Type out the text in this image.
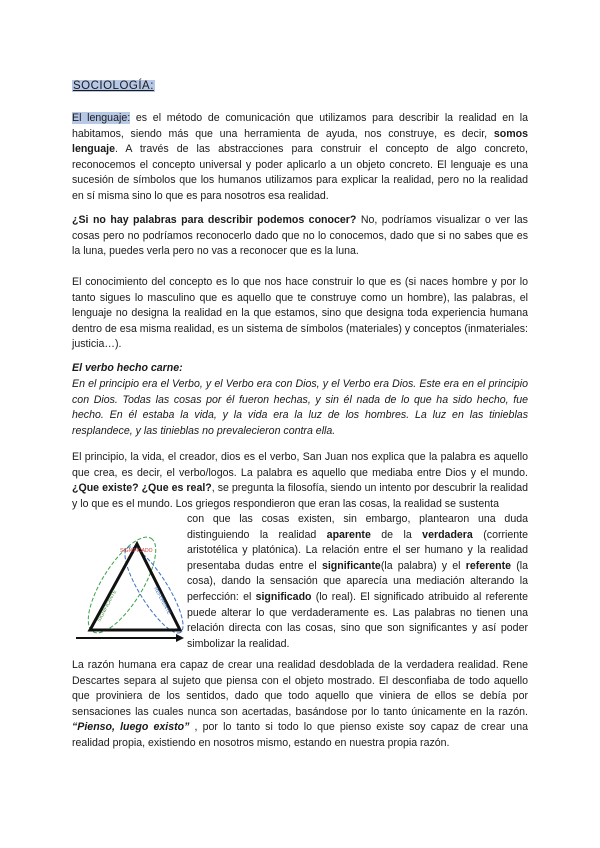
SOCIOLOGÍA:

El lenguaje: es el método de comunicación que utilizamos para describir la realidad en la habitamos, siendo más que una herramienta de ayuda, nos construye, es decir, somos lenguaje. A través de las abstracciones para construir el concepto de algo concreto, reconocemos el concepto universal y poder aplicarlo a un objeto concreto. El lenguaje es una sucesión de símbolos que los humanos utilizamos para explicar la realidad, pero no la realidad en sí misma sino lo que es para nosotros esa realidad.

¿Si no hay palabras para describir podemos conocer? No, podríamos visualizar o ver las cosas pero no podríamos reconocerlo dado que no lo conocemos, dado que si no sabes que es la luna, puedes verla pero no vas a reconocer que es la luna.

El conocimiento del concepto es lo que nos hace construir lo que es (si naces hombre y por lo tanto sigues lo masculino que es aquello que te construye como un hombre), las palabras, el lenguaje no designa la realidad en la que estamos, sino que designa toda experiencia humana dentro de esa misma realidad, es un sistema de símbolos (materiales) y conceptos (inmateriales: justicia…).

El verbo hecho carne:

En el principio era el Verbo, y el Verbo era con Dios, y el Verbo era Dios. Este era en el principio con Dios. Todas las cosas por él fueron hechas, y sin él nada de lo que ha sido hecho, fue hecho. En él estaba la vida, y la vida era la luz de los hombres. La luz en las tinieblas resplandece, y las tinieblas no prevalecieron contra ella.

El principio, la vida, el creador, dios es el verbo, San Juan nos explica que la palabra es aquello que crea, es decir, el verbo/logos. La palabra es aquello que mediaba entre Dios y el mundo. ¿Que existe? ¿Que es real?, se pregunta la filosofía, siendo un intento por descubrir la realidad y lo que es el mundo. Los griegos respondieron que eran las cosas, la realidad se sustenta

SIGNIFICADO
SIGNIFICANTE	REFERENTE

con que las cosas existen, sin embargo, plantearon una duda distinguiendo la realidad aparente de la verdadera (corriente aristotélica y platónica). La relación entre el ser humano y la realidad presentaba dudas entre el significante(la palabra) y el referente (la cosa), dando la sensación que aparecía una mediación alterando la perfección: el significado (lo real). El significado atribuido al referente puede alterar lo que verdaderamente es. Las palabras no tienen una relación directa con las cosas, sino que son significantes y así poder simbolizar la realidad.

La razón humana era capaz de crear una realidad desdoblada de la verdadera realidad. Rene Descartes separa al sujeto que piensa con el objeto mostrado. El desconfiaba de todo aquello que proviniera de los sentidos, dado que todo aquello que viniera de ellos se debía por sensaciones las cuales nunca son acertadas, basándose por lo tanto únicamente en la razón. “Pienso, luego existo” , por lo tanto si todo lo que pienso existe soy capaz de crear una realidad propia, existiendo en nosotros mismo, estando en nuestra propia razón.
